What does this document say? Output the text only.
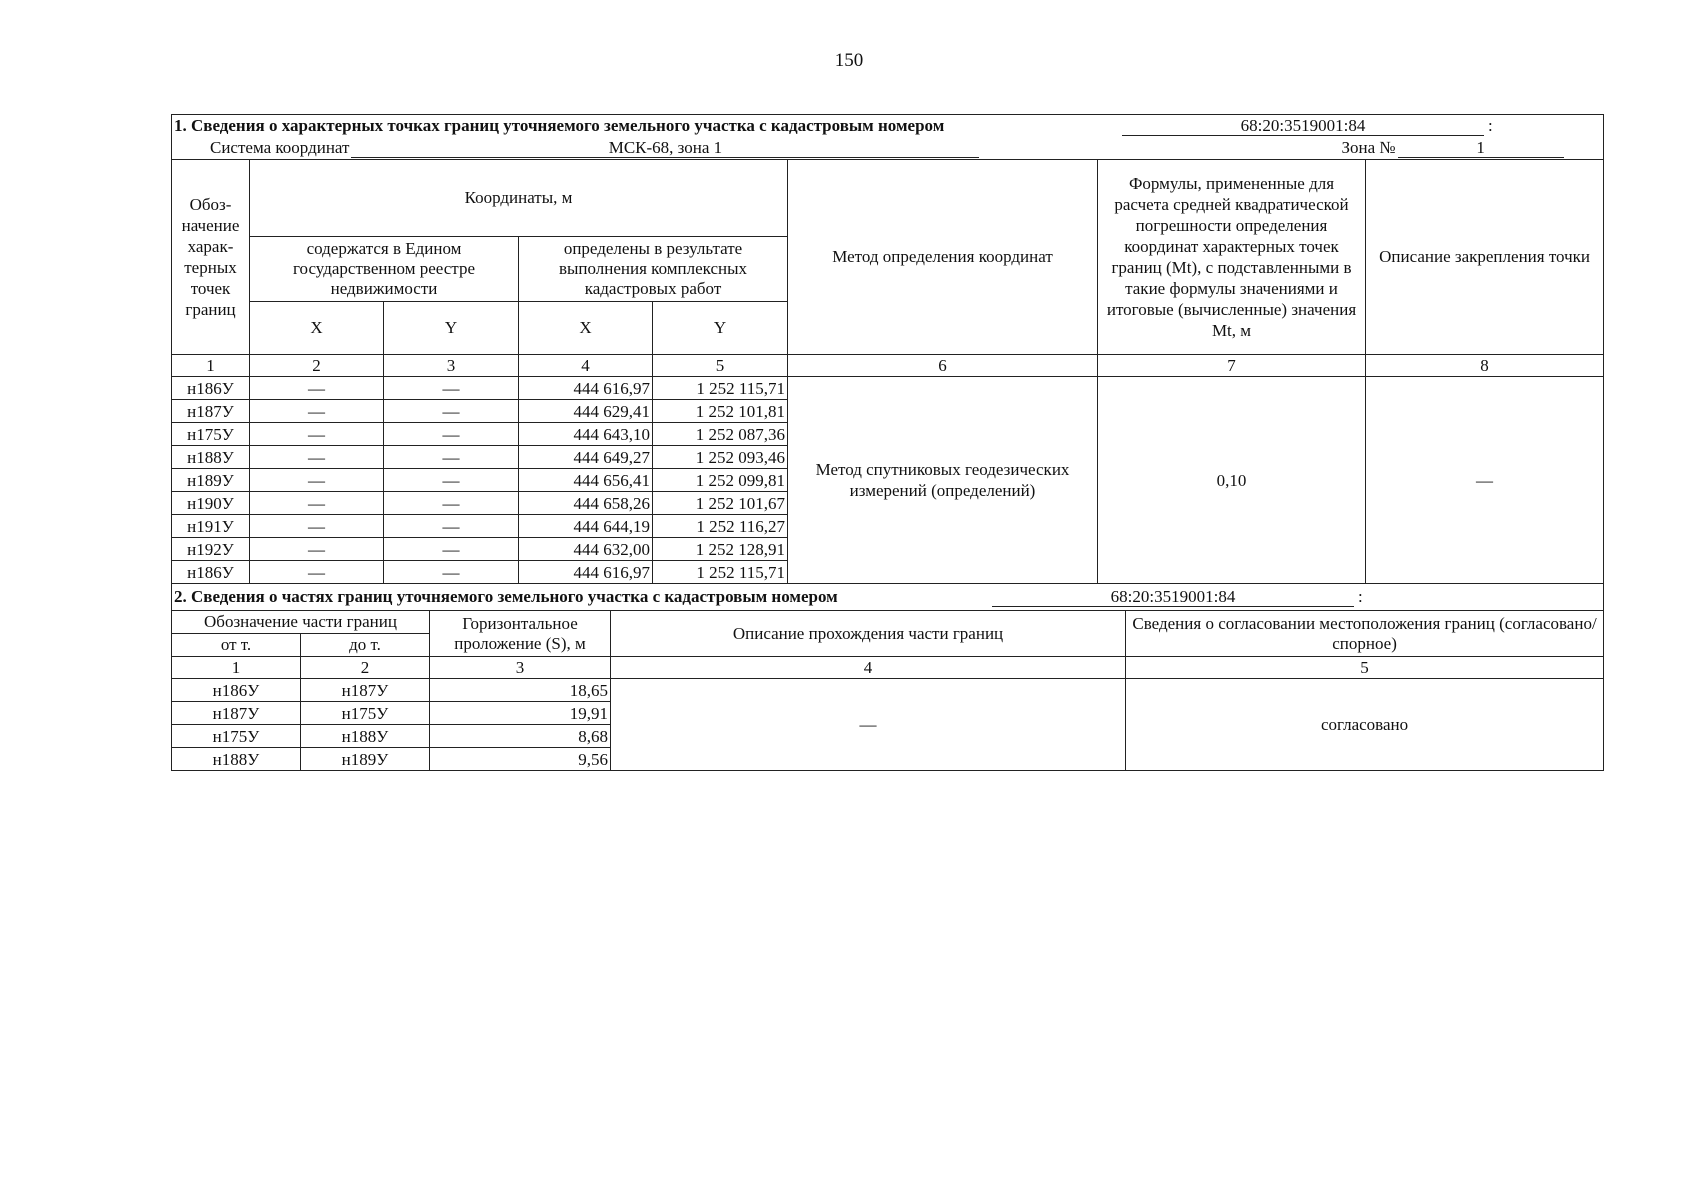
150
1. Сведения о характерных точках границ уточняемого земельного участка с кадастровым номером 68:20:3519001:84 :							
Система координат МСК-68, зона 1 Зона № 1							
Обоз-начение харак-терных точек границ	Координаты, м				Метод определения координат	Формулы, примененные для расчета средней квадратической погрешности определения координат характерных точек границ (Mt), с подставленными в такие формулы значениями и итоговые (вычисленные) значения Mt, м	Описание закрепления точки
	содержатся в Едином государственном реестре недвижимости		определены в результате выполнения комплексных кадастровых работ				
	X	Y	X	Y			
1	2	3	4	5	6	7	8
н186У	—	—	444 616,97	1 252 115,71	Метод спутниковых геодезических измерений (определений)	0,10	—
н187У	—	—	444 629,41	1 252 101,81			
н175У	—	—	444 643,10	1 252 087,36			
н188У	—	—	444 649,27	1 252 093,46			
н189У	—	—	444 656,41	1 252 099,81			
н190У	—	—	444 658,26	1 252 101,67			
н191У	—	—	444 644,19	1 252 116,27			
н192У	—	—	444 632,00	1 252 128,91			
н186У	—	—	444 616,97	1 252 115,71			
2. Сведения о частях границ уточняемого земельного участка с кадастровым номером 68:20:3519001:84 :				
Обозначение части границ		Горизонтальное проложение (S), м	Описание прохождения части границ	Сведения о согласовании местоположения границ (согласовано/спорное)
от т.	до т.			
1	2	3	4	5
н186У	н187У	18,65	—	согласовано
н187У	н175У	19,91		
н175У	н188У	8,68		
н188У	н189У	9,56		
